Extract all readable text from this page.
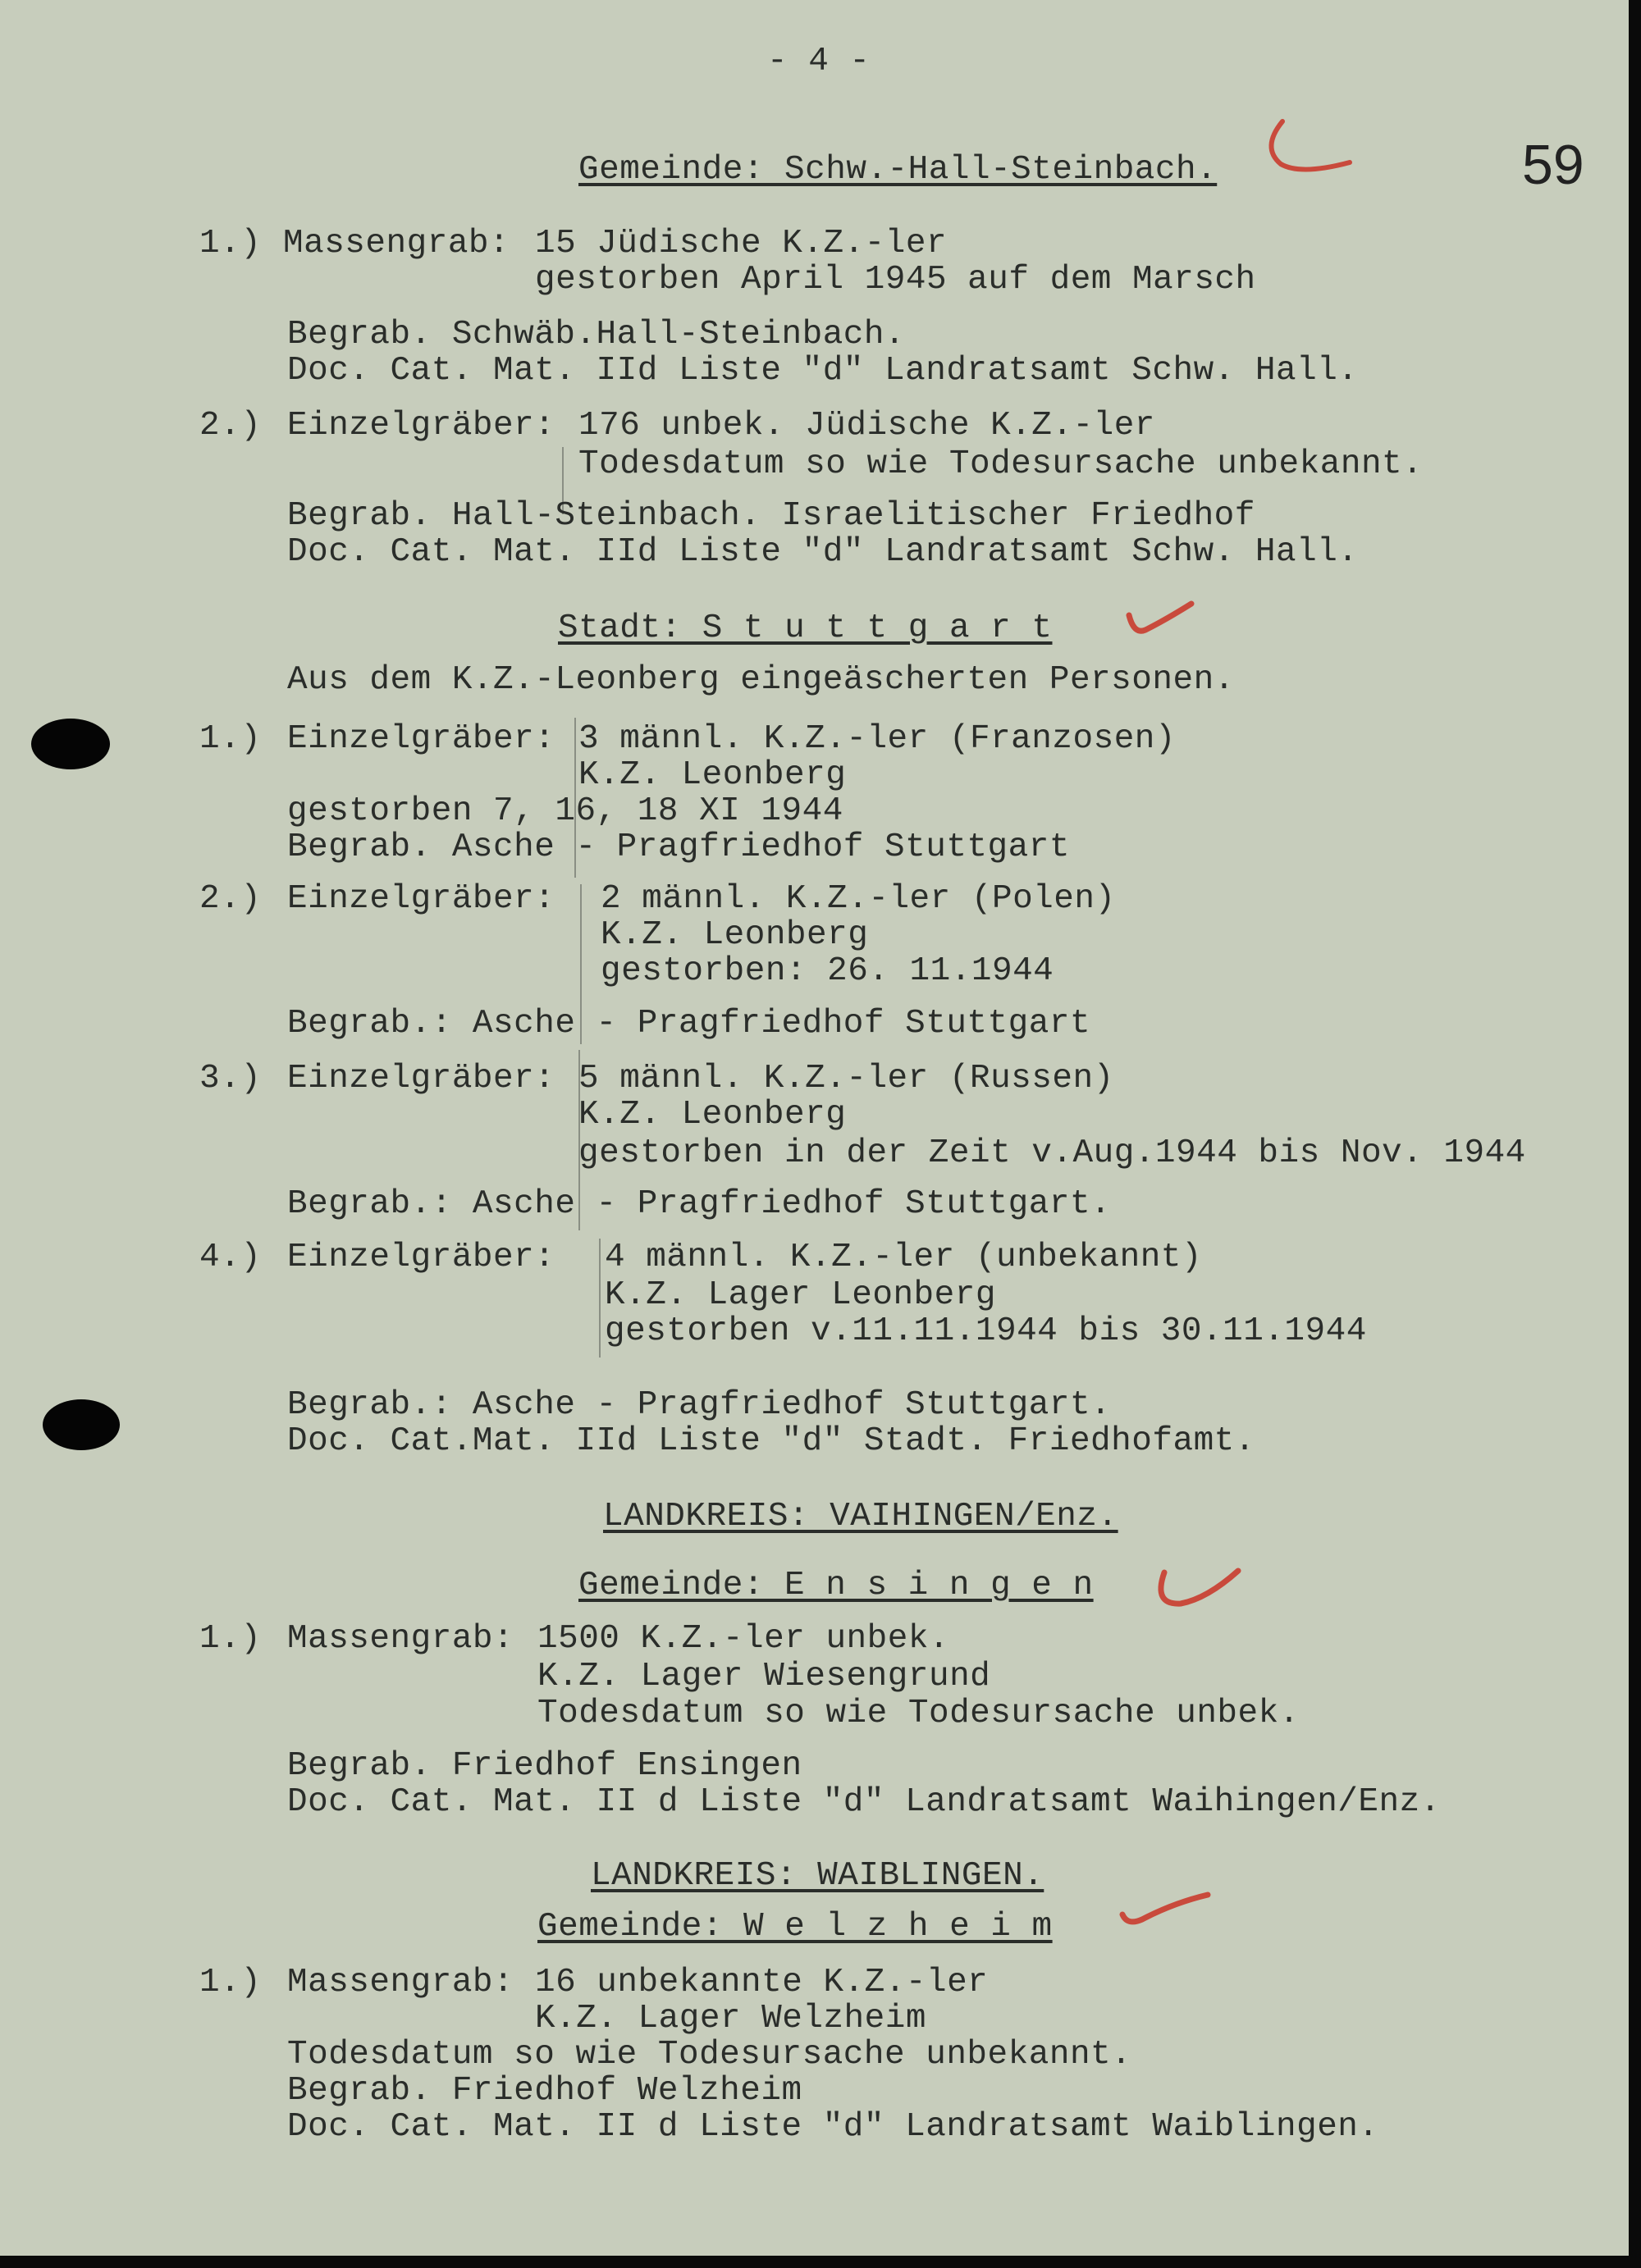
- 4 -
59
Gemeinde: Schw.-Hall-Steinbach.
1.) Massengrab: 15 Jüdische K.Z.-ler
gestorben April 1945 auf dem Marsch
Begrab. Schwäb.Hall-Steinbach.
Doc. Cat. Mat. IId Liste "d" Landratsamt Schw. Hall.
2.) Einzelgräber: 176 unbek. Jüdische K.Z.-ler
Todesdatum so wie Todesursache unbekannt.
Begrab. Hall-Steinbach. Israelitischer Friedhof
Doc. Cat. Mat. IId Liste "d" Landratsamt Schw. Hall.
Stadt: S t u t t g a r t
Aus dem K.Z.-Leonberg eingeäscherten Personen.
1.) Einzelgräber: 3 männl. K.Z.-ler (Franzosen)
K.Z. Leonberg
gestorben 7, 16, 18 XI 1944
Begrab. Asche - Pragfriedhof Stuttgart
2.) Einzelgräber: 2 männl. K.Z.-ler (Polen)
K.Z. Leonberg
gestorben: 26. 11.1944
Begrab.: Asche - Pragfriedhof Stuttgart
3.) Einzelgräber: 5 männl. K.Z.-ler (Russen)
K.Z. Leonberg
gestorben in der Zeit v.Aug.1944 bis Nov. 1944
Begrab.: Asche - Pragfriedhof Stuttgart.
4.) Einzelgräber: 4 männl. K.Z.-ler (unbekannt)
K.Z. Lager Leonberg
gestorben v.11.11.1944 bis 30.11.1944
Begrab.: Asche - Pragfriedhof Stuttgart.
Doc. Cat.Mat. IId Liste "d" Stadt. Friedhofamt.
LANDKREIS: VAIHINGEN/Enz.
Gemeinde: E n s i n g e n
1.) Massengrab: 1500 K.Z.-ler unbek.
K.Z. Lager Wiesengrund
Todesdatum so wie Todesursache unbek.
Begrab. Friedhof Ensingen
Doc. Cat. Mat. II d Liste "d" Landratsamt Waihingen/Enz.
LANDKREIS: WAIBLINGEN.
Gemeinde: W e l z h e i m
1.) Massengrab: 16 unbekannte K.Z.-ler
K.Z. Lager Welzheim
Todesdatum so wie Todesursache unbekannt.
Begrab. Friedhof Welzheim
Doc. Cat. Mat. II d Liste "d" Landratsamt Waiblingen.
